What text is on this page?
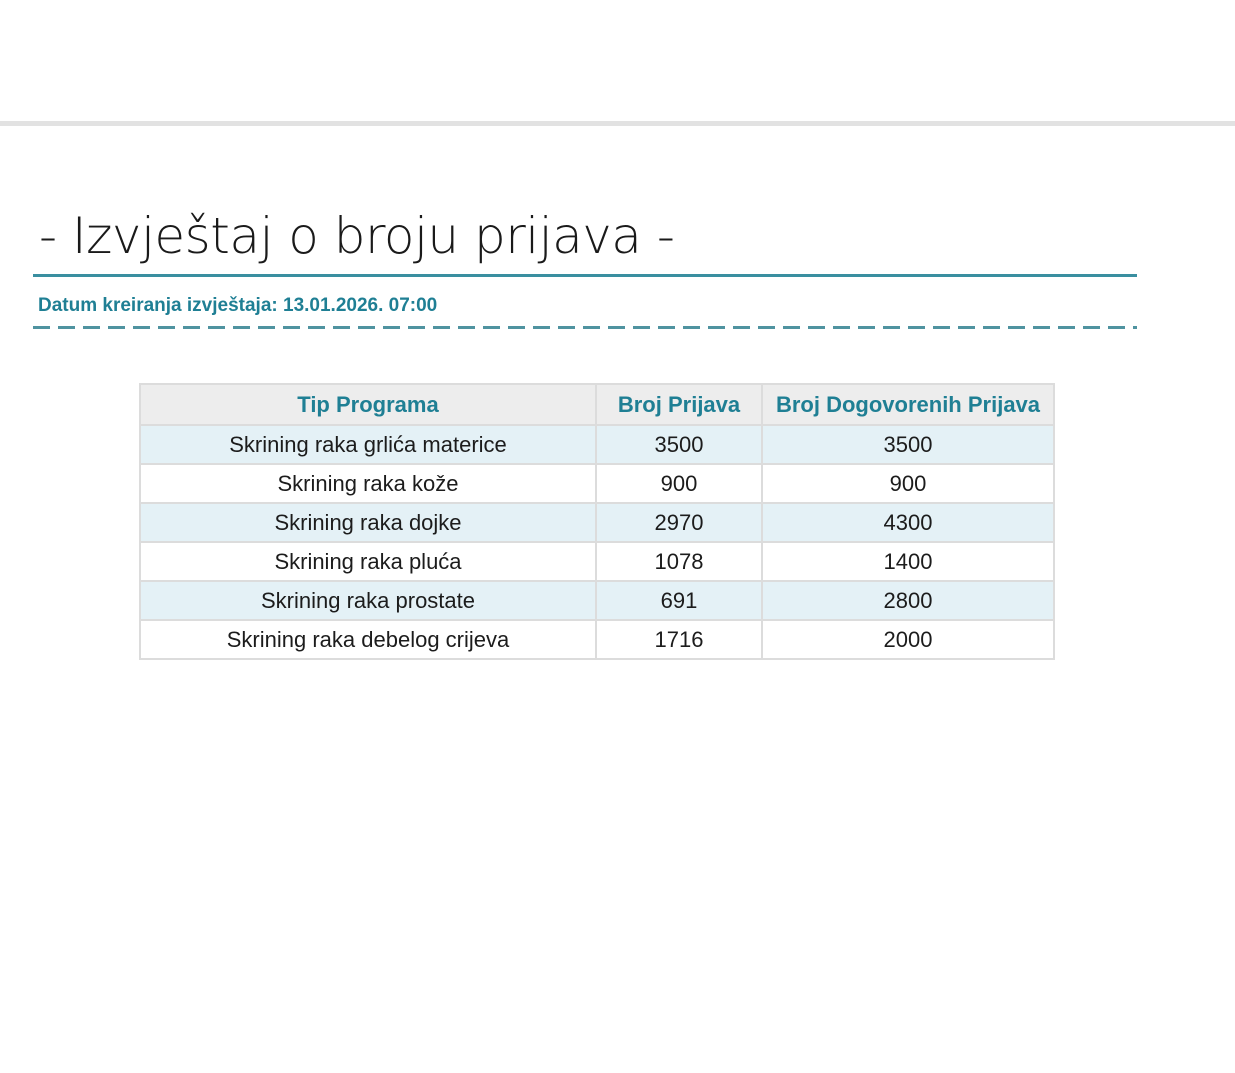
- Izvještaj o broju prijava -
Datum kreiranja izvještaja: 13.01.2026. 07:00
Tip Programa	Broj Prijava	Broj Dogovorenih Prijava
Skrining raka grlića materice	3500	3500
Skrining raka kože	900	900
Skrining raka dojke	2970	4300
Skrining raka pluća	1078	1400
Skrining raka prostate	691	2800
Skrining raka debelog crijeva	1716	2000
